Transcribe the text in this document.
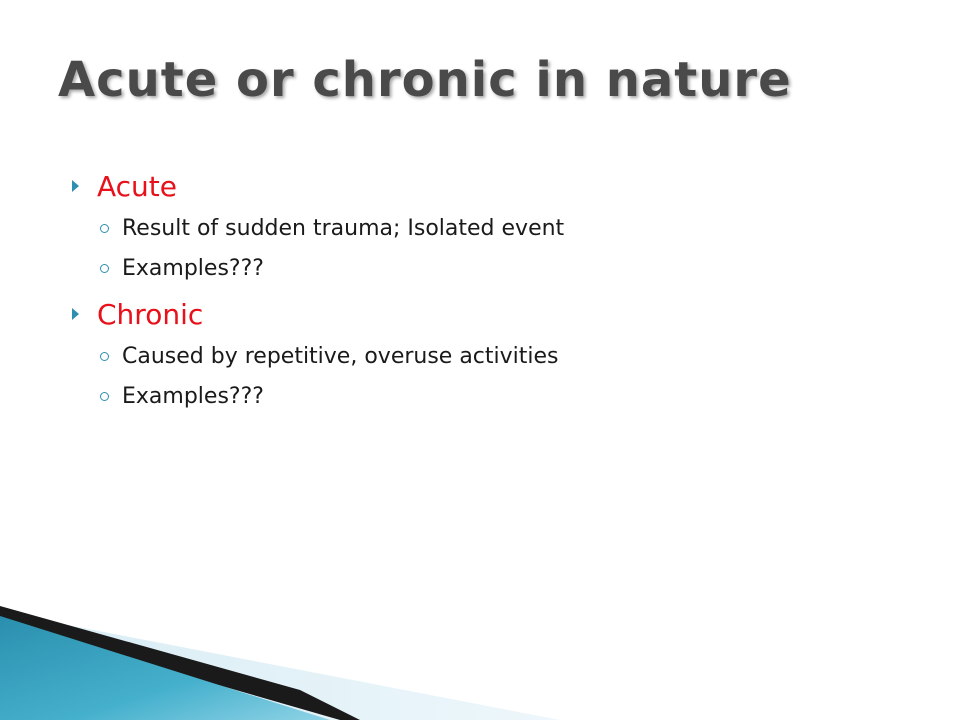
Acute or chronic in nature
Acute
Result of sudden trauma; Isolated event
Examples???
Chronic
Caused by repetitive, overuse activities
Examples???
